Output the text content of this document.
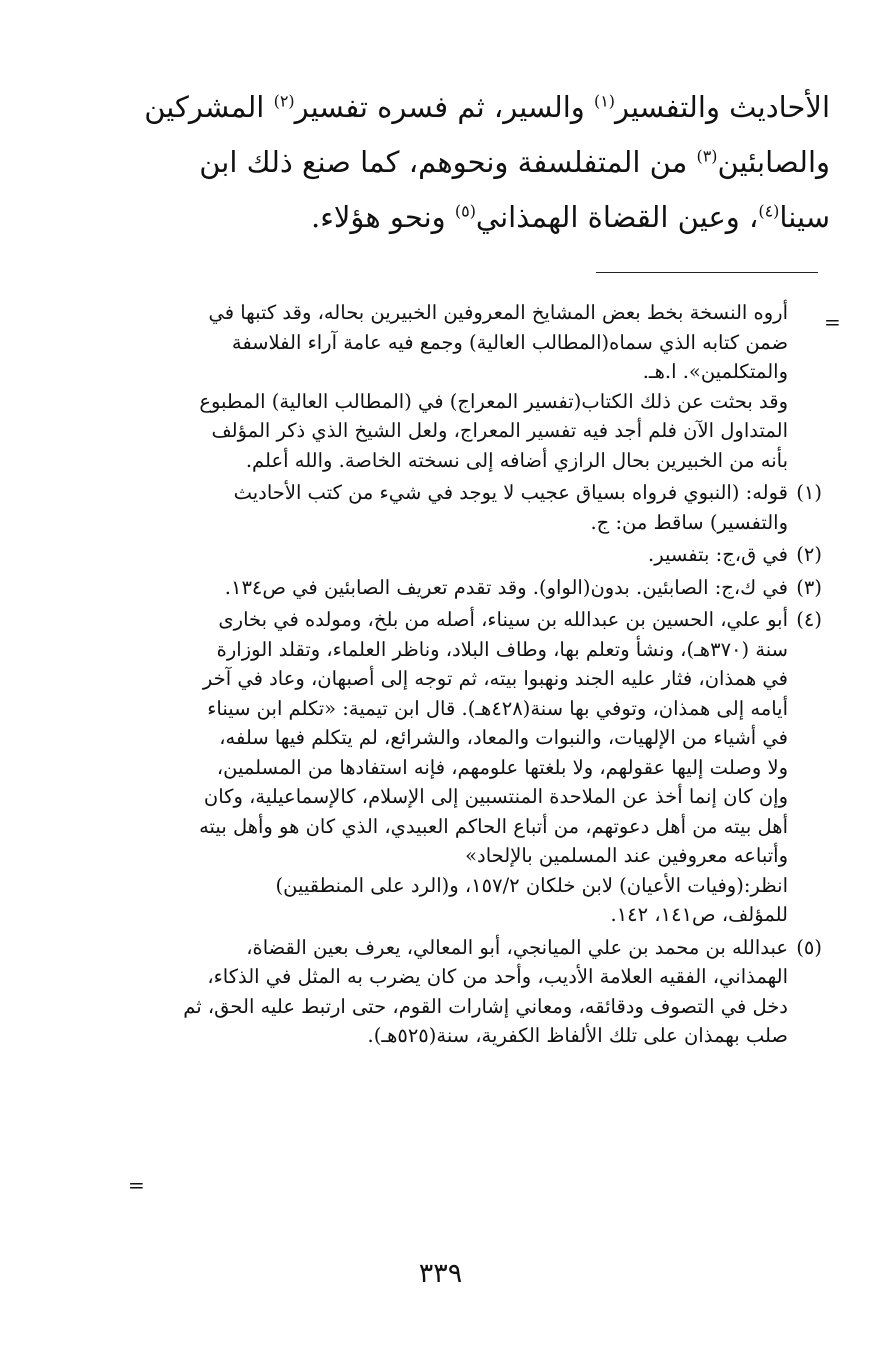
الأحاديث والتفسير$^{(١)}$ والسير، ثم فسره تفسير$^{(٢)}$ المشركين
والصابئين$^{(٣)}$ من المتفلسفة ونحوهم، كما صنع ذلك ابن
سينا$^{(٤)}$، وعين القضاة الهمذاني$^{(٥)}$ ونحو هؤلاء.
=
أروه النسخة بخط بعض المشايخ المعروفين الخبيرين بحاله، وقد كتبها في
ضمن كتابه الذي سماه(المطالب العالية) وجمع فيه عامة آراء الفلاسفة
والمتكلمين». ا.هـ.
وقد بحثت عن ذلك الكتاب(تفسير المعراج) في (المطالب العالية) المطبوع
المتداول الآن فلم أجد فيه تفسير المعراج، ولعل الشيخ الذي ذكر المؤلف
بأنه من الخبيرين بحال الرازي أضافه إلى نسخته الخاصة. والله أعلم.
(١)
قوله: (النبوي فرواه بسياق عجيب لا يوجد في شيء من كتب الأحاديث
والتفسير) ساقط من: ج.
(٢)
في ق،ج: بتفسير.
(٣)
في ك،ج: الصابئين. بدون(الواو). وقد تقدم تعريف الصابئين في ص١٣٤.
(٤)
أبو علي، الحسين بن عبدالله بن سيناء، أصله من بلخ، ومولده في بخارى
سنة (٣٧٠هـ)، ونشأ وتعلم بها، وطاف البلاد، وناظر العلماء، وتقلد الوزارة
في همذان، فثار عليه الجند ونهبوا بيته، ثم توجه إلى أصبهان، وعاد في آخر
أيامه إلى همذان، وتوفي بها سنة(٤٢٨هـ). قال ابن تيمية: «تكلم ابن سيناء
في أشياء من الإلهيات، والنبوات والمعاد، والشرائع، لم يتكلم فيها سلفه،
ولا وصلت إليها عقولهم، ولا بلغتها علومهم، فإنه استفادها من المسلمين،
وإن كان إنما أخذ عن الملاحدة المنتسبين إلى الإسلام، كالإسماعيلية، وكان
أهل بيته من أهل دعوتهم، من أتباع الحاكم العبيدي، الذي كان هو وأهل بيته
وأتباعه معروفين عند المسلمين بالإلحاد»
انظر:(وفيات الأعيان) لابن خلكان ١٥٧/٢، و(الرد على المنطقيين)
للمؤلف، ص١٤١، ١٤٢.
(٥)
عبدالله بن محمد بن علي الميانجي، أبو المعالي، يعرف بعين القضاة،
الهمذاني، الفقيه العلامة الأديب، وأحد من كان يضرب به المثل في الذكاء،
دخل في التصوف ودقائقه، ومعاني إشارات القوم، حتى ارتبط عليه الحق، ثم
صلب بهمذان على تلك الألفاظ الكفرية، سنة(٥٢٥هـ).
=
٣٣٩
